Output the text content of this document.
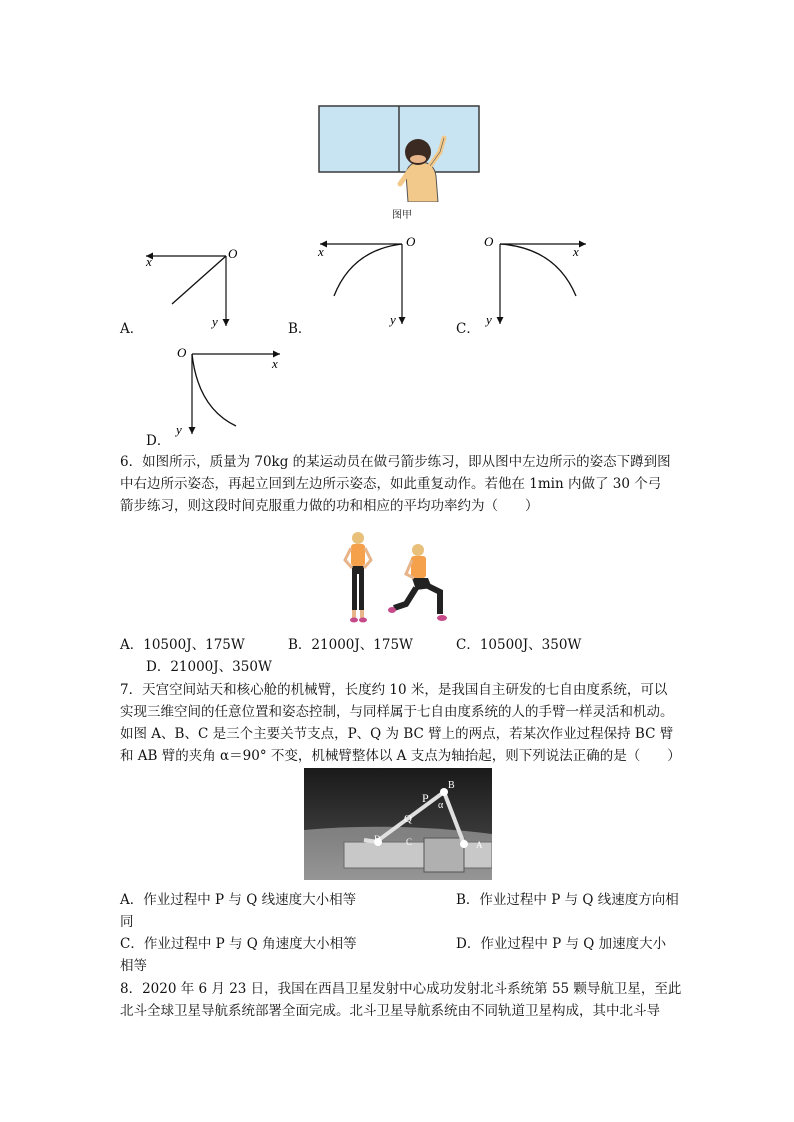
图甲
O
x
y
A．
O
x
y
B．
O
x
y
C．
O
x
y
D．
6．如图所示，质量为 70kg 的某运动员在做弓箭步练习，即从图中左边所示的姿态下蹲到图
中右边所示姿态，再起立回到左边所示姿态，如此重复动作。若他在 1min 内做了 30 个弓
箭步练习，则这段时间克服重力做的功和相应的平均功率约为（　　）
A．10500J、175W	B．21000J、175W	C．10500J、350W
D．21000J、350W
7．天宫空间站天和核心舱的机械臂，长度约 10 米，是我国自主研发的七自由度系统，可以
实现三维空间的任意位置和姿态控制，与同样属于七自由度系统的人的手臂一样灵活和机动。
如图 A、B、C 是三个主要关节支点，P、Q 为 BC 臂上的两点，若某次作业过程保持 BC 臂
和 AB 臂的夹角 α＝90° 不变，机械臂整体以 A 支点为轴抬起，则下列说法正确的是（　　）
B
P
Q
C
D
A
α
A．作业过程中 P 与 Q 线速度大小相等	B．作业过程中 P 与 Q 线速度方向相
同
C．作业过程中 P 与 Q 角速度大小相等	D．作业过程中 P 与 Q 加速度大小
相等
8．2020 年 6 月 23 日，我国在西昌卫星发射中心成功发射北斗系统第 55 颗导航卫星，至此
北斗全球卫星导航系统部署全面完成。北斗卫星导航系统由不同轨道卫星构成，其中北斗导
